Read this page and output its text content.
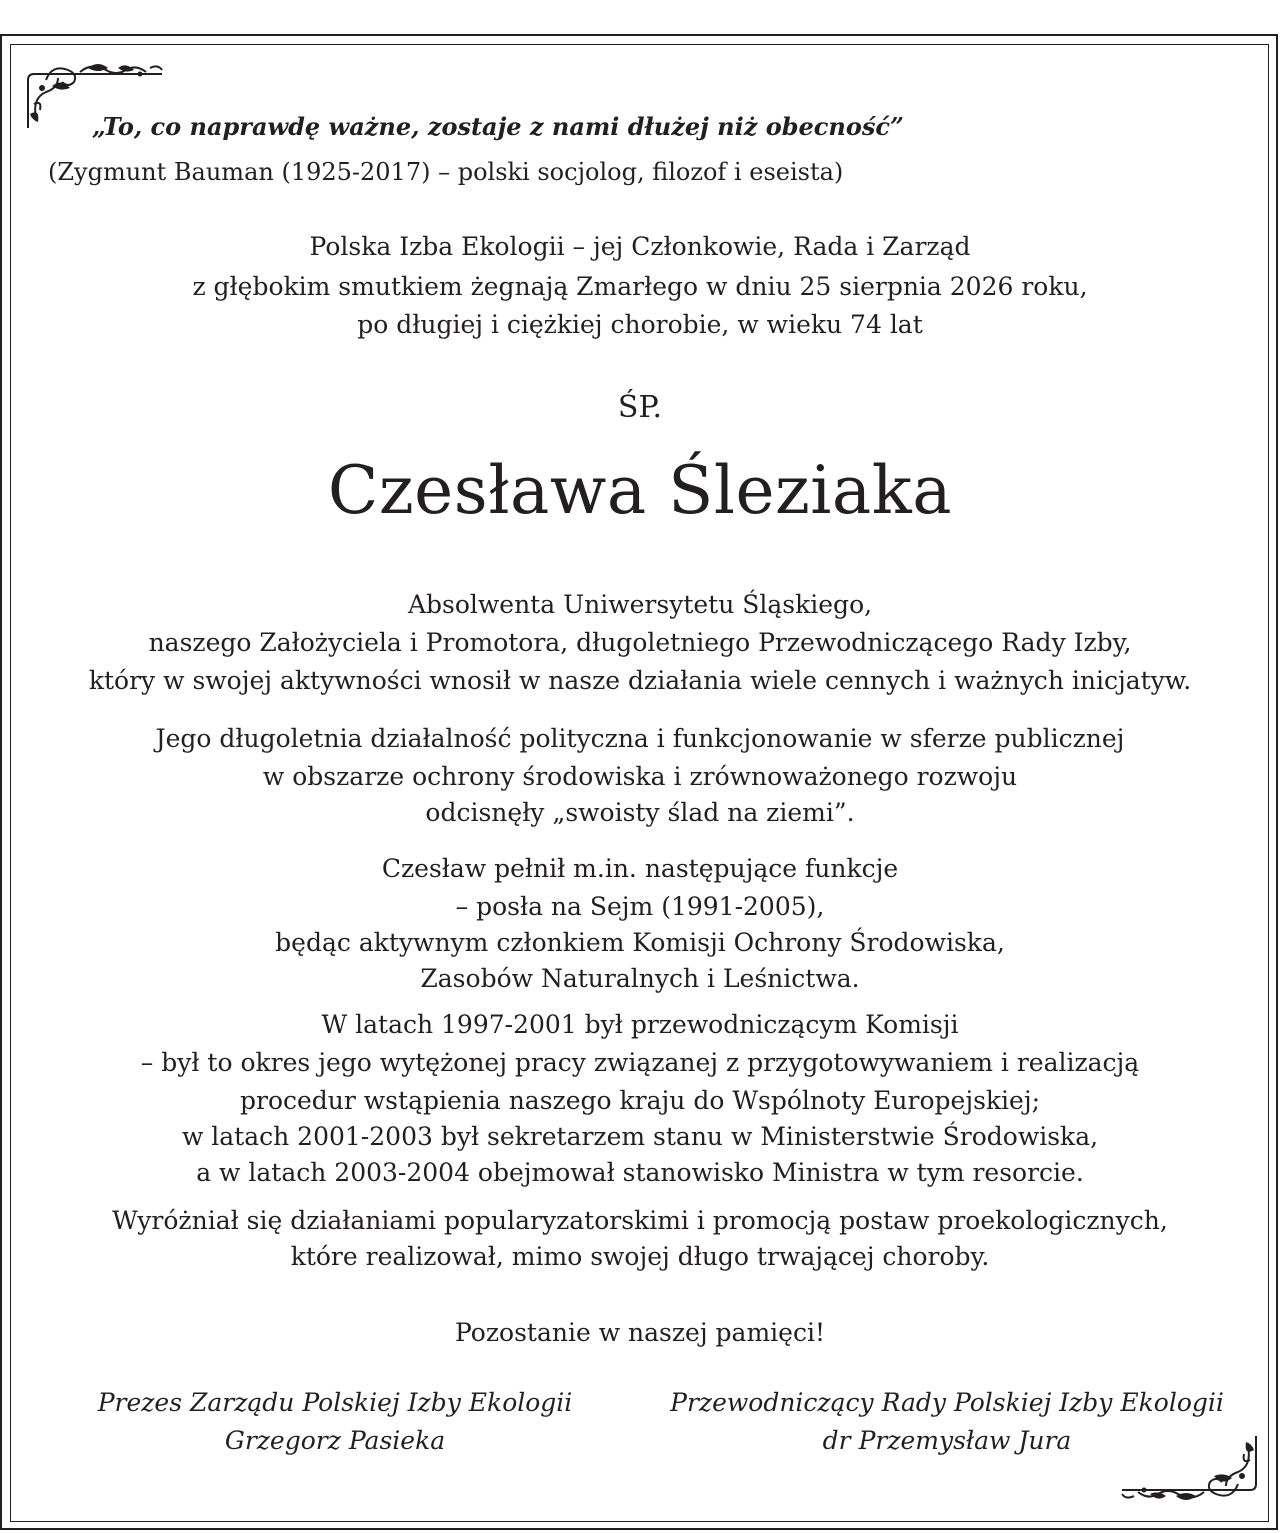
„To, co naprawdę ważne, zostaje z nami dłużej niż obecność”
(Zygmunt Bauman (1925-2017) – polski socjolog, filozof i eseista)
Polska Izba Ekologii – jej Członkowie, Rada i Zarząd
z głębokim smutkiem żegnają Zmarłego w dniu 25 sierpnia 2026 roku,
po długiej i ciężkiej chorobie, w wieku 74 lat
ŚP.
Czesława Śleziaka
Absolwenta Uniwersytetu Śląskiego,
naszego Założyciela i Promotora, długoletniego Przewodniczącego Rady Izby,
który w swojej aktywności wnosił w nasze działania wiele cennych i ważnych inicjatyw.
Jego długoletnia działalność polityczna i funkcjonowanie w sferze publicznej
w obszarze ochrony środowiska i zrównoważonego rozwoju
odcisnęły „swoisty ślad na ziemi”.
Czesław pełnił m.in. następujące funkcje
– posła na Sejm (1991-2005),
będąc aktywnym członkiem Komisji Ochrony Środowiska,
Zasobów Naturalnych i Leśnictwa.
W latach 1997-2001 był przewodniczącym Komisji
– był to okres jego wytężonej pracy związanej z przygotowywaniem i realizacją
procedur wstąpienia naszego kraju do Wspólnoty Europejskiej;
w latach 2001-2003 był sekretarzem stanu w Ministerstwie Środowiska,
a w latach 2003-2004 obejmował stanowisko Ministra w tym resorcie.
Wyróżniał się działaniami popularyzatorskimi i promocją postaw proekologicznych,
które realizował, mimo swojej długo trwającej choroby.
Pozostanie w naszej pamięci!
Prezes Zarządu Polskiej Izby Ekologii
Grzegorz Pasieka
Przewodniczący Rady Polskiej Izby Ekologii
dr Przemysław Jura
